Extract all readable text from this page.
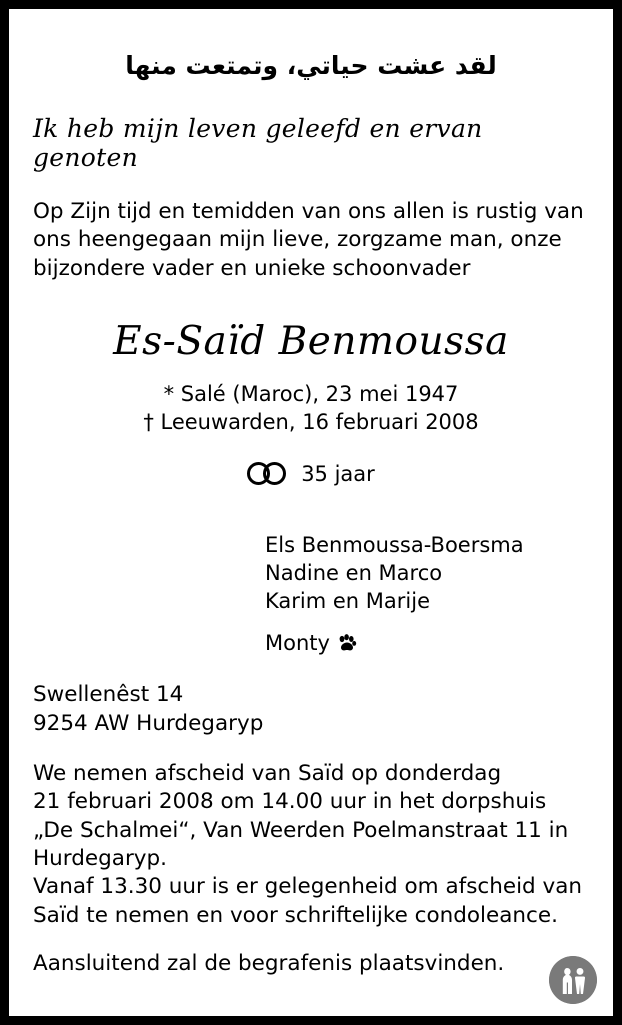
لقد عشت حياتي، وتمتعت منها

Ik heb mijn leven geleefd en ervan genoten

Op Zijn tijd en temidden van ons allen is rustig van ons heengegaan mijn lieve, zorgzame man, onze bijzondere vader en unieke schoonvader

Es-Saïd Benmoussa

* Salé (Maroc), 23 mei 1947

† Leeuwarden, 16 februari 2008

35 jaar

Els Benmoussa-Boersma

Nadine en Marco

Karim en Marije

Monty

Swellenêst 14

9254 AW Hurdegaryp

We nemen afscheid van Saïd op donderdag

21 februari 2008 om 14.00 uur in het dorpshuis

„De Schalmei“, Van Weerden Poelmanstraat 11 in

Hurdegaryp.

Vanaf 13.30 uur is er gelegenheid om afscheid van

Saïd te nemen en voor schriftelijke condoleance.

Aansluitend zal de begrafenis plaatsvinden.
